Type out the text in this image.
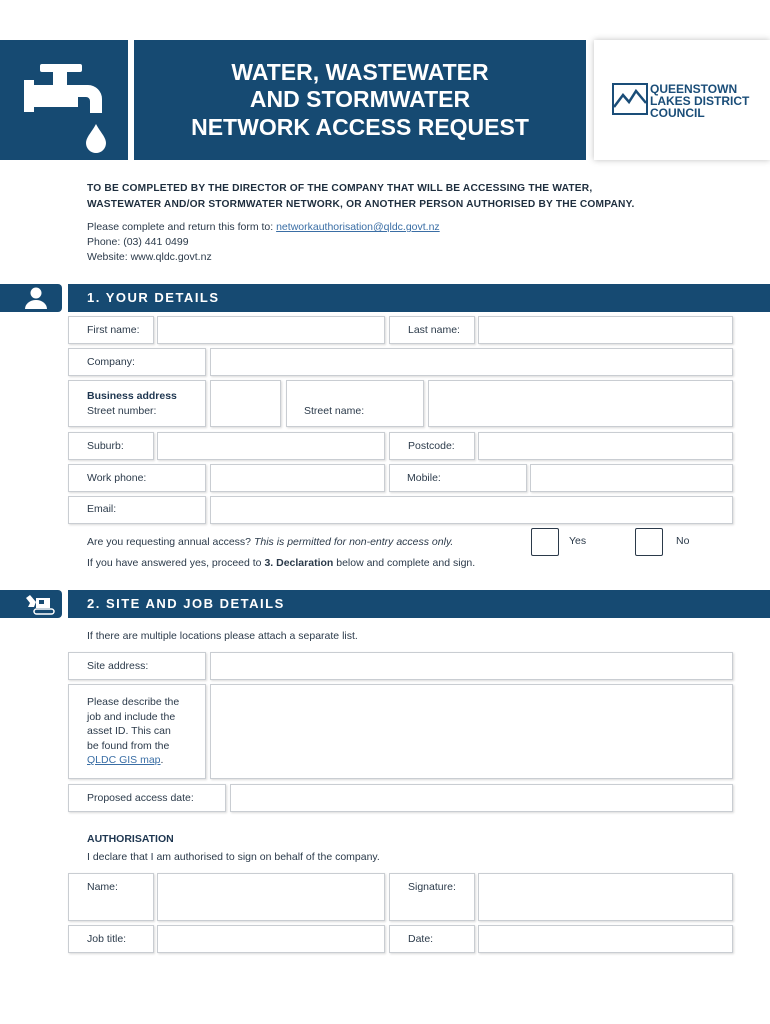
WATER, WASTEWATER
AND STORMWATER
NETWORK ACCESS REQUEST
QUEENSTOWN
LAKES DISTRICT
COUNCIL
TO BE COMPLETED BY THE DIRECTOR OF THE COMPANY THAT WILL BE ACCESSING THE WATER,
WASTEWATER AND/OR STORMWATER NETWORK, OR ANOTHER PERSON AUTHORISED BY THE COMPANY.
Please complete and return this form to: networkauthorisation@qldc.govt.nz
Phone: (03) 441 0499
Website: www.qldc.govt.nz
1. YOUR DETAILS
First name:	Last name:
Company:
Business address
Street number:	Street name:
Suburb:	Postcode:
Work phone:	Mobile:
Email:
Are you requesting annual access? This is permitted for non-entry access only.	Yes	No
If you have answered yes, proceed to 3. Declaration below and complete and sign.
2. SITE AND JOB DETAILS
If there are multiple locations please attach a separate list.
Site address:
Please describe the
job and include the
asset ID. This can
be found from the
QLDC GIS map.
Proposed access date:
AUTHORISATION
I declare that I am authorised to sign on behalf of the company.
Name:	Signature:
Job title:	Date:
